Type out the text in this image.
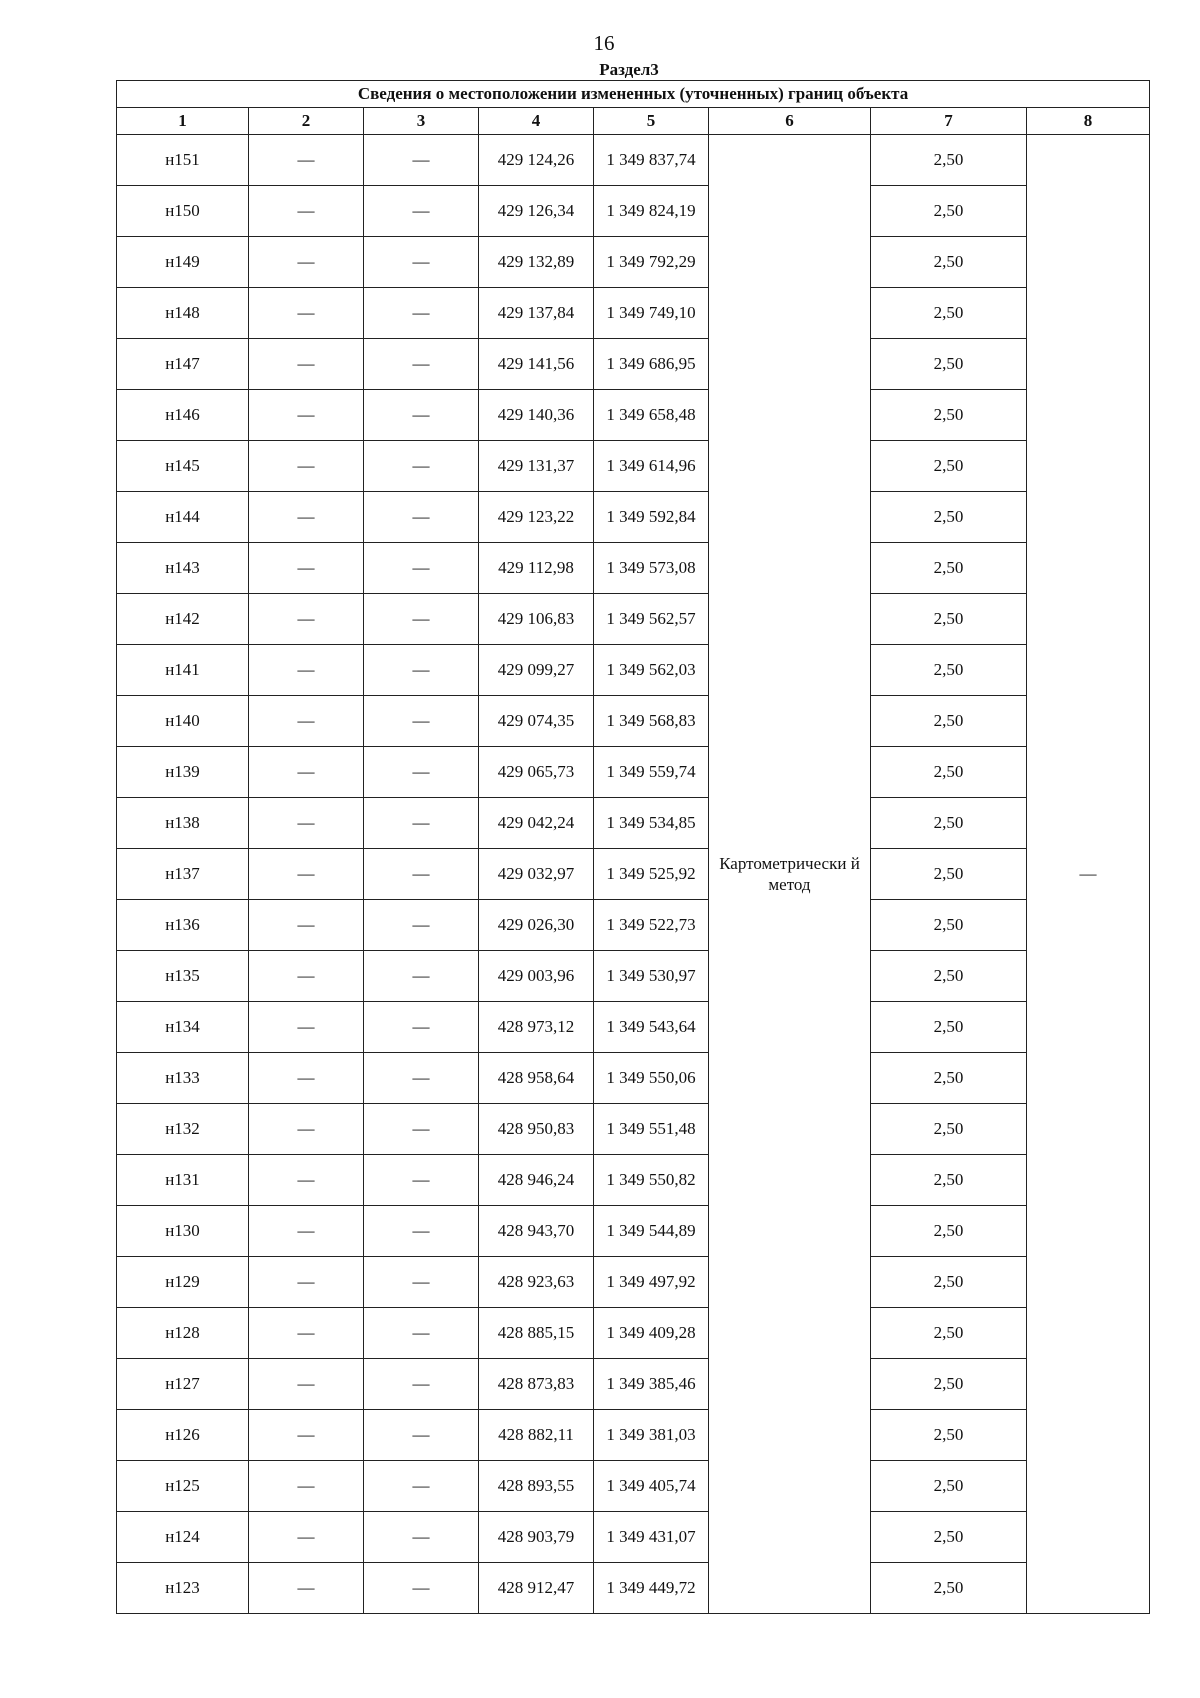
16
Раздел3
Сведения о местоположении измененных (уточненных) границ объекта							
1	2	3	4	5	6	7	8
н151	—	—	429 124,26	1 349 837,74	Картометрически й метод	2,50	—
н150	—	—	429 126,34	1 349 824,19		2,50	
н149	—	—	429 132,89	1 349 792,29		2,50	
н148	—	—	429 137,84	1 349 749,10		2,50	
н147	—	—	429 141,56	1 349 686,95		2,50	
н146	—	—	429 140,36	1 349 658,48		2,50	
н145	—	—	429 131,37	1 349 614,96		2,50	
н144	—	—	429 123,22	1 349 592,84		2,50	
н143	—	—	429 112,98	1 349 573,08		2,50	
н142	—	—	429 106,83	1 349 562,57		2,50	
н141	—	—	429 099,27	1 349 562,03		2,50	
н140	—	—	429 074,35	1 349 568,83		2,50	
н139	—	—	429 065,73	1 349 559,74		2,50	
н138	—	—	429 042,24	1 349 534,85		2,50	
н137	—	—	429 032,97	1 349 525,92		2,50	
н136	—	—	429 026,30	1 349 522,73		2,50	
н135	—	—	429 003,96	1 349 530,97		2,50	
н134	—	—	428 973,12	1 349 543,64		2,50	
н133	—	—	428 958,64	1 349 550,06		2,50	
н132	—	—	428 950,83	1 349 551,48		2,50	
н131	—	—	428 946,24	1 349 550,82		2,50	
н130	—	—	428 943,70	1 349 544,89		2,50	
н129	—	—	428 923,63	1 349 497,92		2,50	
н128	—	—	428 885,15	1 349 409,28		2,50	
н127	—	—	428 873,83	1 349 385,46		2,50	
н126	—	—	428 882,11	1 349 381,03		2,50	
н125	—	—	428 893,55	1 349 405,74		2,50	
н124	—	—	428 903,79	1 349 431,07		2,50	
н123	—	—	428 912,47	1 349 449,72		2,50	
